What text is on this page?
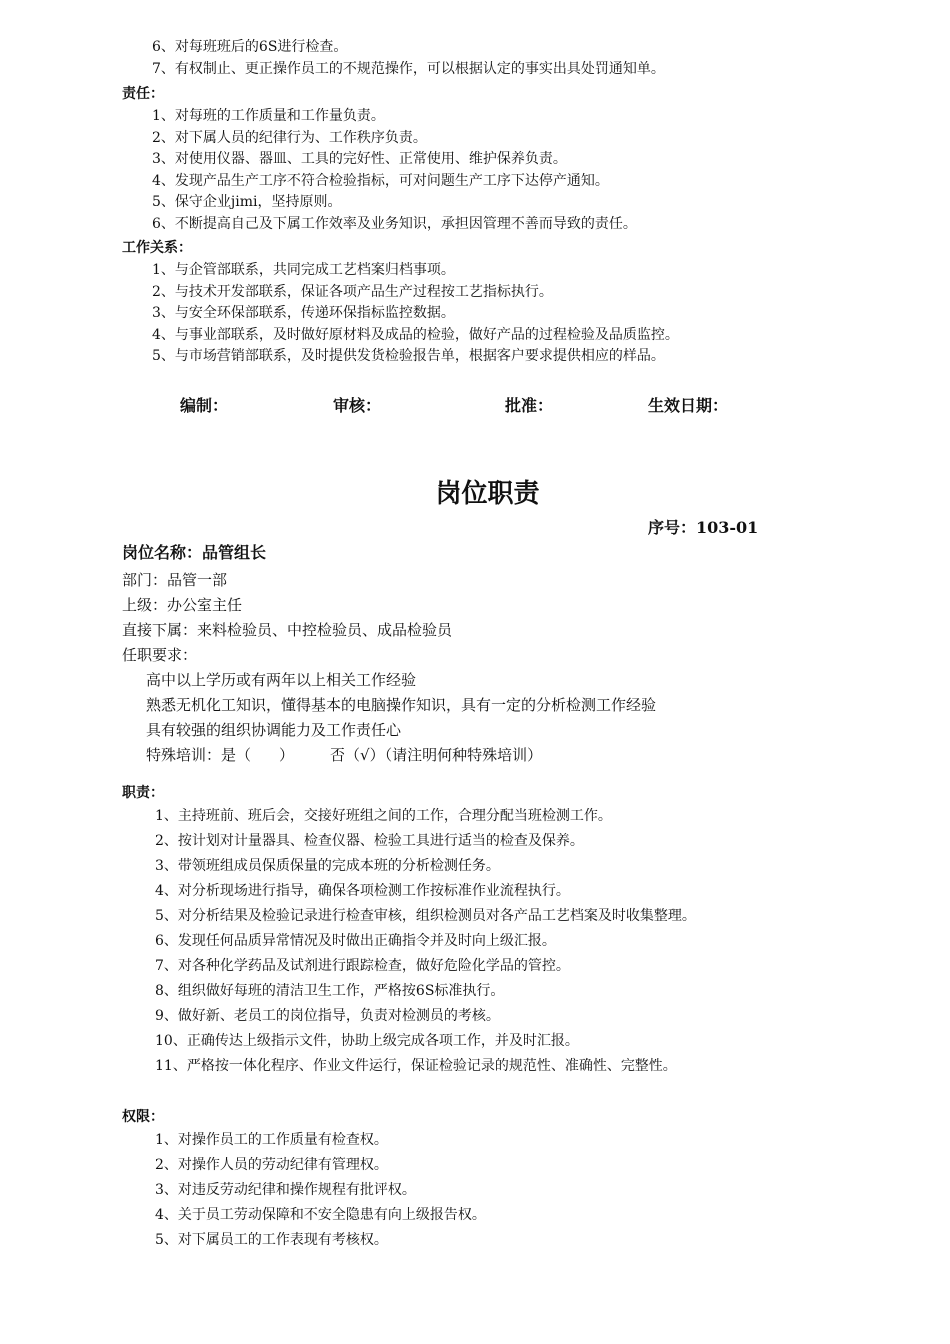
6、对每班班后的6S进行检查。
7、有权制止、更正操作员工的不规范操作，可以根据认定的事实出具处罚通知单。
责任：
1、对每班的工作质量和工作量负责。
2、对下属人员的纪律行为、工作秩序负责。
3、对使用仪器、器皿、工具的完好性、正常使用、维护保养负责。
4、发现产品生产工序不符合检验指标，可对问题生产工序下达停产通知。
5、保守企业jimi，坚持原则。
6、不断提高自己及下属工作效率及业务知识，承担因管理不善而导致的责任。
工作关系：
1、与企管部联系，共同完成工艺档案归档事项。
2、与技术开发部联系，保证各项产品生产过程按工艺指标执行。
3、与安全环保部联系，传递环保指标监控数据。
4、与事业部联系，及时做好原材料及成品的检验，做好产品的过程检验及品质监控。
5、与市场营销部联系，及时提供发货检验报告单，根据客户要求提供相应的样品。
编制：	审核：	批准：	生效日期：
岗位职责
序号：103-01
岗位名称：品管组长
部门：品管一部
上级：办公室主任
直接下属：来料检验员、中控检验员、成品检验员
任职要求：
高中以上学历或有两年以上相关工作经验
熟悉无机化工知识，懂得基本的电脑操作知识，具有一定的分析检测工作经验
具有较强的组织协调能力及工作责任心
特殊培训：是（ ） 否（√）（请注明何种特殊培训）
职责：
1、主持班前、班后会，交接好班组之间的工作，合理分配当班检测工作。
2、按计划对计量器具、检查仪器、检验工具进行适当的检查及保养。
3、带领班组成员保质保量的完成本班的分析检测任务。
4、对分析现场进行指导，确保各项检测工作按标准作业流程执行。
5、对分析结果及检验记录进行检查审核，组织检测员对各产品工艺档案及时收集整理。
6、发现任何品质异常情况及时做出正确指令并及时向上级汇报。
7、对各种化学药品及试剂进行跟踪检查，做好危险化学品的管控。
8、组织做好每班的清洁卫生工作，严格按6S标准执行。
9、做好新、老员工的岗位指导，负责对检测员的考核。
10、正确传达上级指示文件，协助上级完成各项工作，并及时汇报。
11、严格按一体化程序、作业文件运行，保证检验记录的规范性、准确性、完整性。
权限：
1、对操作员工的工作质量有检查权。
2、对操作人员的劳动纪律有管理权。
3、对违反劳动纪律和操作规程有批评权。
4、关于员工劳动保障和不安全隐患有向上级报告权。
5、对下属员工的工作表现有考核权。
